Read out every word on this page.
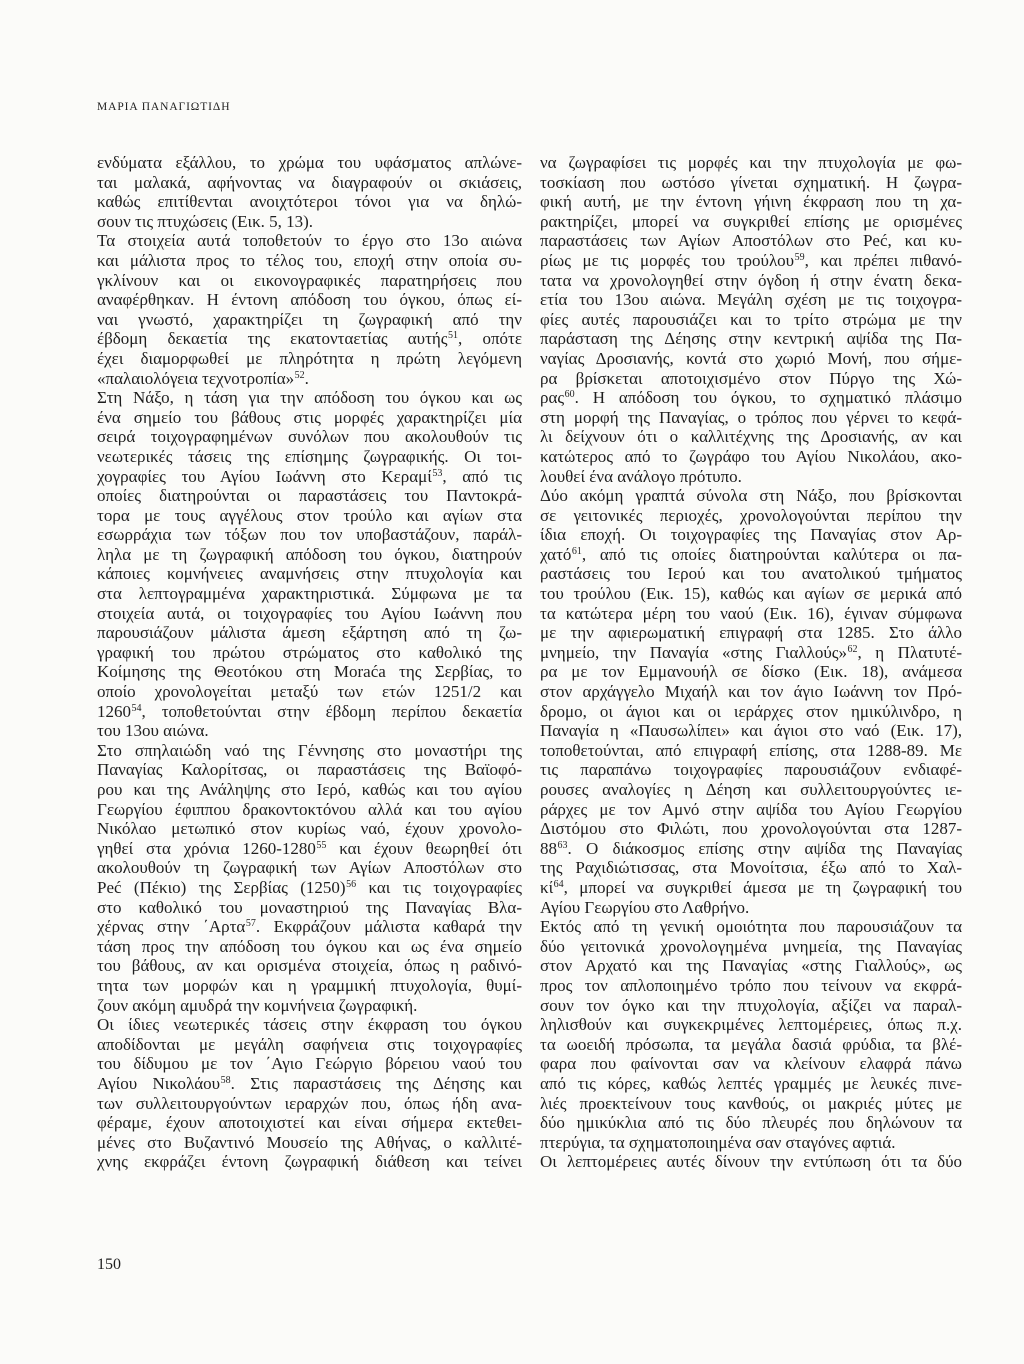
ΜΑΡΙΑ ΠΑΝΑΓΙΩΤΙΔΗ
ενδύματα εξάλλου, το χρώμα του υφάσματος απλώνε-
ται μαλακά, αφήνοντας να διαγραφούν οι σκιάσεις,
καθώς επιτίθενται ανοιχτότεροι τόνοι για να δηλώ-
σουν τις πτυχώσεις (Εικ. 5, 13).
Τα στοιχεία αυτά τοποθετούν το έργο στο 13ο αιώνα
και μάλιστα προς το τέλος του, εποχή στην οποία συ-
γκλίνουν και οι εικονογραφικές παρατηρήσεις που
αναφέρθηκαν. Η έντονη απόδοση του όγκου, όπως εί-
ναι γνωστό, χαρακτηρίζει τη ζωγραφική από την
έβδομη δεκαετία της εκατονταετίας αυτής$^{51}$, οπότε
έχει διαμορφωθεί με πληρότητα η πρώτη λεγόμενη
«παλαιολόγεια τεχνοτροπία»$^{52}$.
Στη Νάξο, η τάση για την απόδοση του όγκου και ως
ένα σημείο του βάθους στις μορφές χαρακτηρίζει μία
σειρά τοιχογραφημένων συνόλων που ακολουθούν τις
νεωτερικές τάσεις της επίσημης ζωγραφικής. Οι τοι-
χογραφίες του Αγίου Ιωάννη στο Κεραμί$^{53}$, από τις
οποίες διατηρούνται οι παραστάσεις του Παντοκρά-
τορα με τους αγγέλους στον τρούλο και αγίων στα
εσωρράχια των τόξων που τον υποβαστάζουν, παράλ-
ληλα με τη ζωγραφική απόδοση του όγκου, διατηρούν
κάποιες κομνήνειες αναμνήσεις στην πτυχολογία και
στα λεπτογραμμένα χαρακτηριστικά. Σύμφωνα με τα
στοιχεία αυτά, οι τοιχογραφίες του Αγίου Ιωάννη που
παρουσιάζουν μάλιστα άμεση εξάρτηση από τη ζω-
γραφική του πρώτου στρώματος στο καθολικό της
Κοίμησης της Θεοτόκου στη Moraća της Σερβίας, το
οποίο χρονολογείται μεταξύ των ετών 1251/2 και
1260$^{54}$, τοποθετούνται στην έβδομη περίπου δεκαετία
του 13ου αιώνα.
Στο σπηλαιώδη ναό της Γέννησης στο μοναστήρι της
Παναγίας Καλορίτσας, οι παραστάσεις της Βαϊοφό-
ρου και της Ανάληψης στο Ιερό, καθώς και του αγίου
Γεωργίου έφιππου δρακοντοκτόνου αλλά και του αγίου
Νικόλαο μετωπικό στον κυρίως ναό, έχουν χρονολο-
γηθεί στα χρόνια 1260-1280$^{55}$ και έχουν θεωρηθεί ότι
ακολουθούν τη ζωγραφική των Αγίων Αποστόλων στο
Peć (Πέκιο) της Σερβίας $(1250)^{56}$ και τις τοιχογραφίες
στο καθολικό του μοναστηριού της Παναγίας Βλα-
χέρνας στην ΄Αρτα$^{57}$. Εκφράζουν μάλιστα καθαρά την
τάση προς την απόδοση του όγκου και ως ένα σημείο
του βάθους, αν και ορισμένα στοιχεία, όπως η ραδινό-
τητα των μορφών και η γραμμική πτυχολογία, θυμί-
ζουν ακόμη αμυδρά την κομνήνεια ζωγραφική.
Οι ίδιες νεωτερικές τάσεις στην έκφραση του όγκου
αποδίδονται με μεγάλη σαφήνεια στις τοιχογραφίες
του δίδυμου με τον ΄Αγιο Γεώργιο βόρειου ναού του
Αγίου Νικολάου$^{58}$. Στις παραστάσεις της Δέησης και
των συλλειτουργούντων ιεραρχών που, όπως ήδη ανα-
φέραμε, έχουν αποτοιχιστεί και είναι σήμερα εκτεθει-
μένες στο Βυζαντινό Μουσείο της Αθήνας, ο καλλιτέ-
χνης εκφράζει έντονη ζωγραφική διάθεση και τείνει
να ζωγραφίσει τις μορφές και την πτυχολογία με φω-
τοσκίαση που ωστόσο γίνεται σχηματική. Η ζωγρα-
φική αυτή, με την έντονη γήινη έκφραση που τη χα-
ρακτηρίζει, μπορεί να συγκριθεί επίσης με ορισμένες
παραστάσεις των Αγίων Αποστόλων στο Peć, και κυ-
ρίως με τις μορφές του τρούλου$^{59}$, και πρέπει πιθανό-
τατα να χρονολογηθεί στην όγδοη ή στην ένατη δεκα-
ετία του 13ου αιώνα. Μεγάλη σχέση με τις τοιχογρα-
φίες αυτές παρουσιάζει και το τρίτο στρώμα με την
παράσταση της Δέησης στην κεντρική αψίδα της Πα-
ναγίας Δροσιανής, κοντά στο χωριό Μονή, που σήμε-
ρα βρίσκεται αποτοιχισμένο στον Πύργο της Χώ-
ρας$^{60}$. Η απόδοση του όγκου, το σχηματικό πλάσιμο
στη μορφή της Παναγίας, ο τρόπος που γέρνει το κεφά-
λι δείχνουν ότι ο καλλιτέχνης της Δροσιανής, αν και
κατώτερος από το ζωγράφο του Αγίου Νικολάου, ακο-
λουθεί ένα ανάλογο πρότυπο.
Δύο ακόμη γραπτά σύνολα στη Νάξο, που βρίσκονται
σε γειτονικές περιοχές, χρονολογούνται περίπου την
ίδια εποχή. Οι τοιχογραφίες της Παναγίας στον Αρ-
χατό$^{61}$, από τις οποίες διατηρούνται καλύτερα οι πα-
ραστάσεις του Ιερού και του ανατολικού τμήματος
του τρούλου (Εικ. 15), καθώς και αγίων σε μερικά από
τα κατώτερα μέρη του ναού (Εικ. 16), έγιναν σύμφωνα
με την αφιερωματική επιγραφή στα 1285. Στο άλλο
μνημείο, την Παναγία «στης Γιαλλούς»$^{62}$, η Πλατυτέ-
ρα με τον Εμμανουήλ σε δίσκο (Εικ. 18), ανάμεσα
στον αρχάγγελο Μιχαήλ και τον άγιο Ιωάννη τον Πρό-
δρομο, οι άγιοι και οι ιεράρχες στον ημικύλινδρο, η
Παναγία η «Παυσωλίπει» και άγιοι στο ναό (Εικ. 17),
τοποθετούνται, από επιγραφή επίσης, στα 1288-89. Με
τις παραπάνω τοιχογραφίες παρουσιάζουν ενδιαφέ-
ρουσες αναλογίες η Δέηση και συλλειτουργούντες ιε-
ράρχες με τον Αμνό στην αψίδα του Αγίου Γεωργίου
Διστόμου στο Φιλώτι, που χρονολογούνται στα 1287-
$88^{63}$. Ο διάκοσμος επίσης στην αψίδα της Παναγίας
της Ραχιδιώτισσας, στα Μονοίτσια, έξω από το Χαλ-
$\kappa ί^{64}$, μπορεί να συγκριθεί άμεσα με τη ζωγραφική του
Αγίου Γεωργίου στο Λαθρήνο.
Εκτός από τη γενική ομοιότητα που παρουσιάζουν τα
δύο γειτονικά χρονολογημένα μνημεία, της Παναγίας
στον Αρχατό και της Παναγίας «στης Γιαλλούς», ως
προς τον απλοποιημένο τρόπο που τείνουν να εκφρά-
σουν τον όγκο και την πτυχολογία, αξίζει να παραλ-
ληλισθούν και συγκεκριμένες λεπτομέρειες, όπως π.χ.
τα ωοειδή πρόσωπα, τα μεγάλα δασιά φρύδια, τα βλέ-
φαρα που φαίνονται σαν να κλείνουν ελαφρά πάνω
από τις κόρες, καθώς λεπτές γραμμές με λευκές πινε-
λιές προεκτείνουν τους κανθούς, οι μακριές μύτες με
δύο ημικύκλια από τις δύο πλευρές που δηλώνουν τα
πτερύγια, τα σχηματοποιημένα σαν σταγόνες αφτιά.
Οι λεπτομέρειες αυτές δίνουν την εντύπωση ότι τα δύο
150
